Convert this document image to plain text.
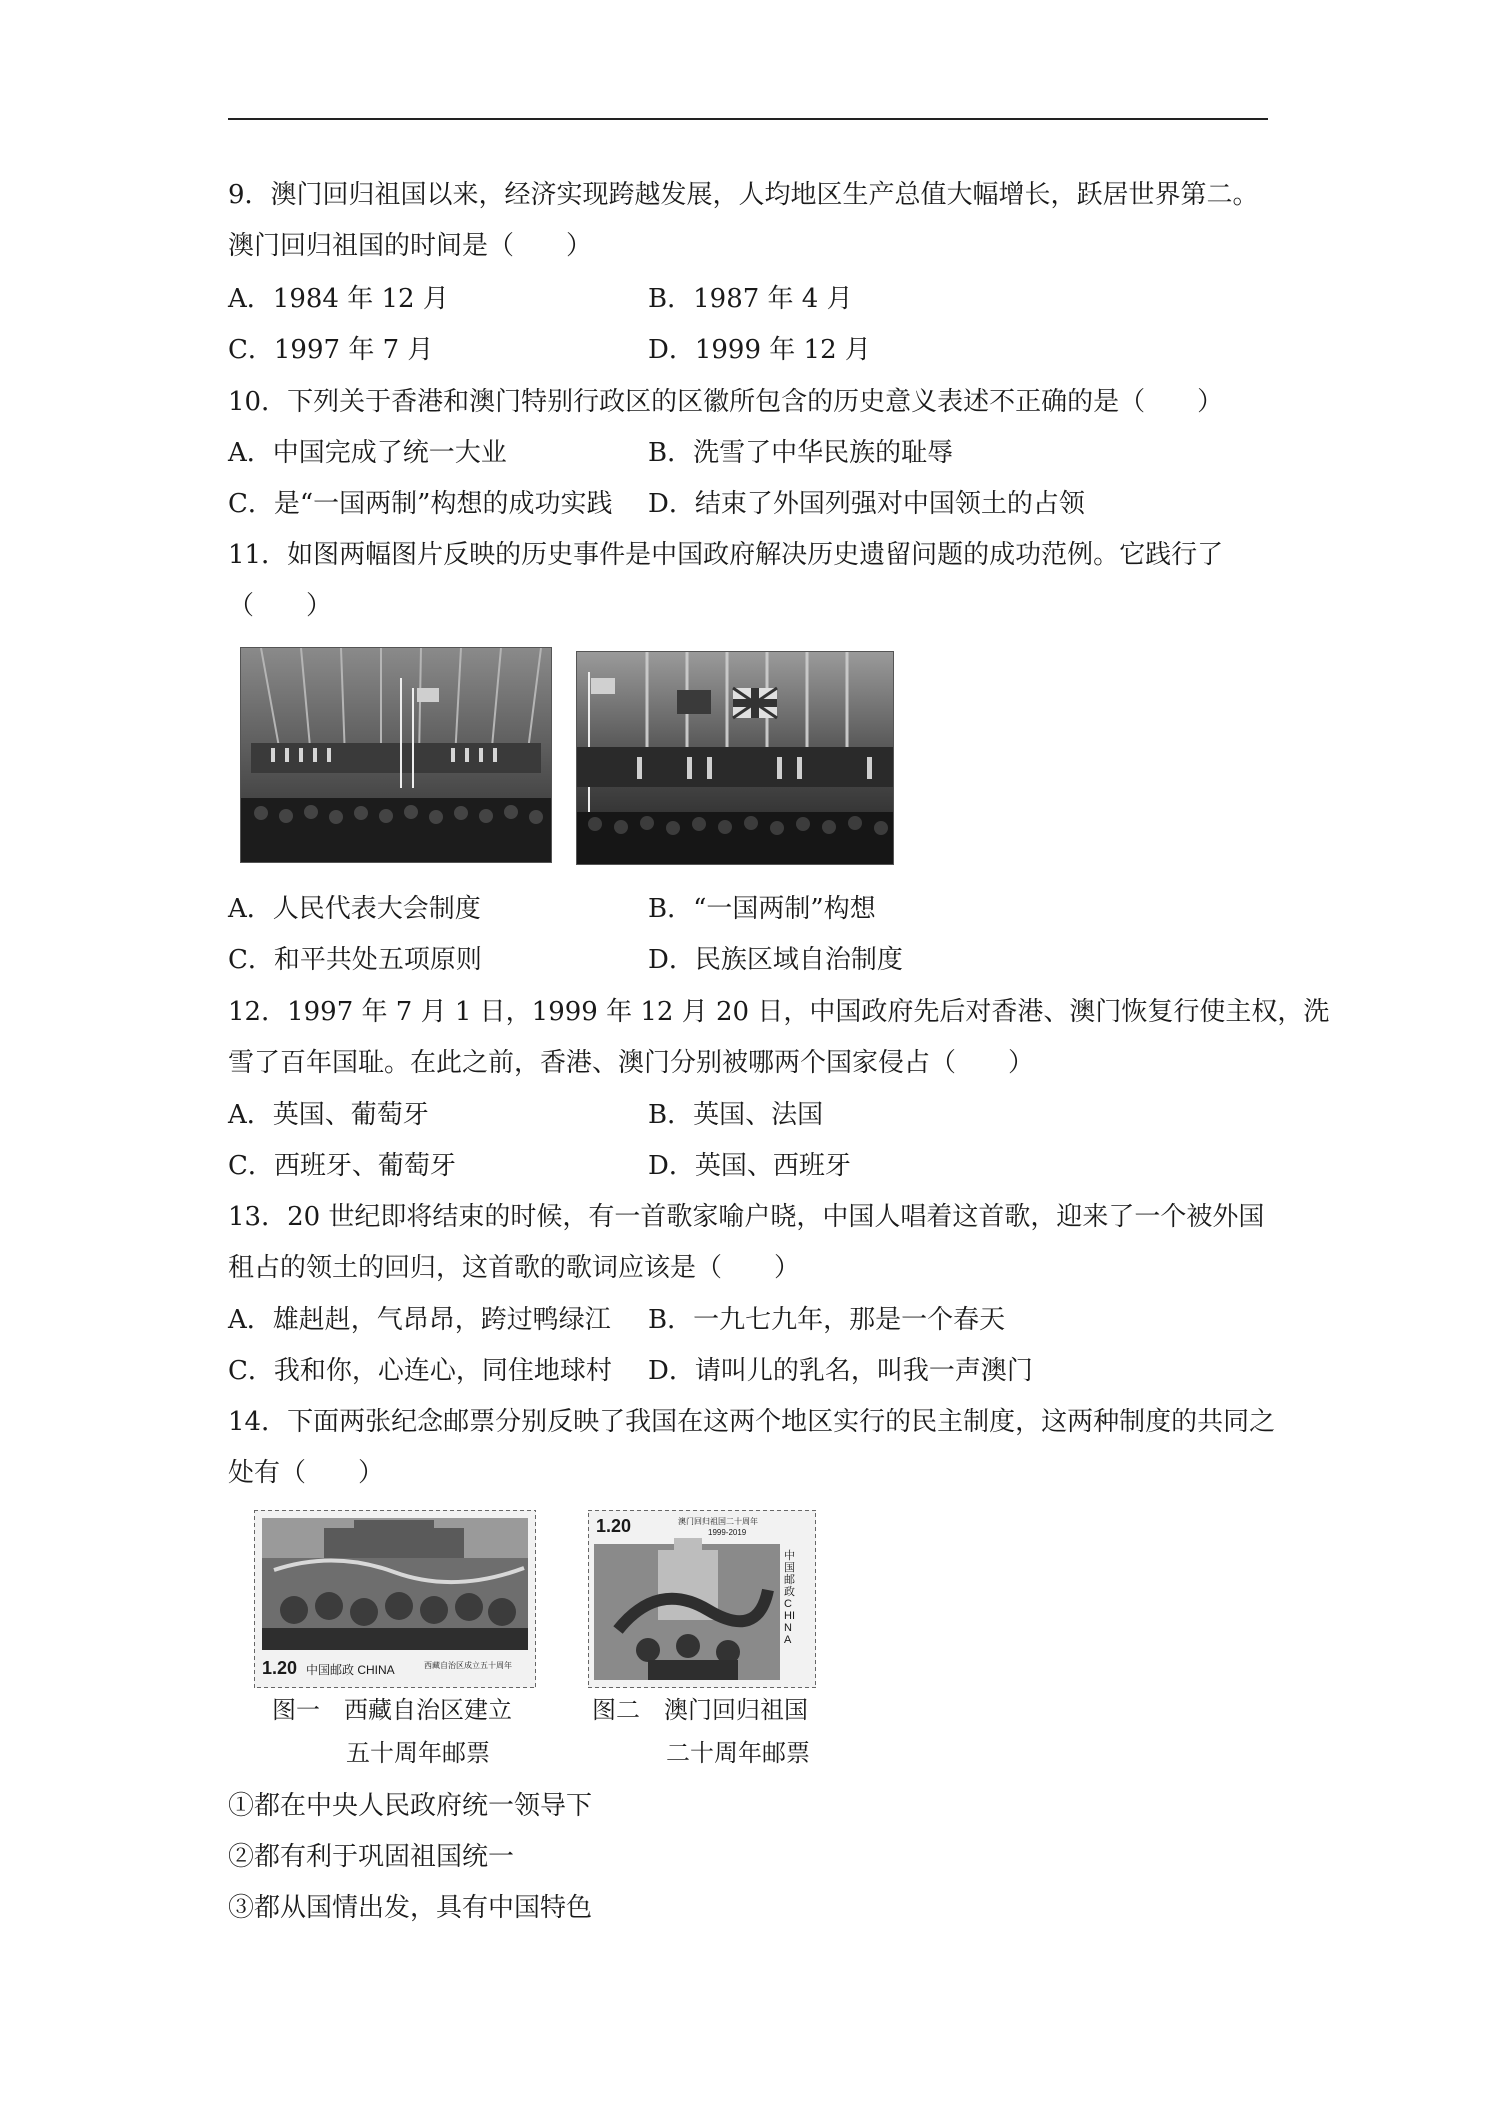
9．澳门回归祖国以来，经济实现跨越发展，人均地区生产总值大幅增长，跃居世界第二。
澳门回归祖国的时间是（　　）
A．1984 年 12 月	B．1987 年 4 月
C．1997 年 7 月	D．1999 年 12 月
10．下列关于香港和澳门特别行政区的区徽所包含的历史意义表述不正确的是（　　）
A．中国完成了统一大业	B．洗雪了中华民族的耻辱
C．是“一国两制”构想的成功实践 D．结束了外国列强对中国领土的占领
11．如图两幅图片反映的历史事件是中国政府解决历史遗留问题的成功范例。它践行了
（　　）
A．人民代表大会制度	B．“一国两制”构想
C．和平共处五项原则	D．民族区域自治制度
12．1997 年 7 月 1 日，1999 年 12 月 20 日，中国政府先后对香港、澳门恢复行使主权，洗
雪了百年国耻。在此之前，香港、澳门分别被哪两个国家侵占（　　）
A．英国、葡萄牙	B．英国、法国
C．西班牙、葡萄牙	D．英国、西班牙
13．20 世纪即将结束的时候，有一首歌家喻户晓，中国人唱着这首歌，迎来了一个被外国
租占的领土的回归，这首歌的歌词应该是（　　）
A．雄赳赳，气昂昂，跨过鸭绿江 B．一九七九年，那是一个春天
C．我和你，心连心，同住地球村 D．请叫儿的乳名，叫我一声澳门
14．下面两张纪念邮票分别反映了我国在这两个地区实行的民主制度，这两种制度的共同之
处有（　　）
1.20 中国邮政 CHINA	西藏自治区成立五十周年
1.20	澳门回归祖国二十周年
1999-2019
中国邮政 CHINA
图一　西藏自治区建立
五十周年邮票
图二　澳门回归祖国
二十周年邮票
①都在中央人民政府统一领导下
②都有利于巩固祖国统一
③都从国情出发，具有中国特色
